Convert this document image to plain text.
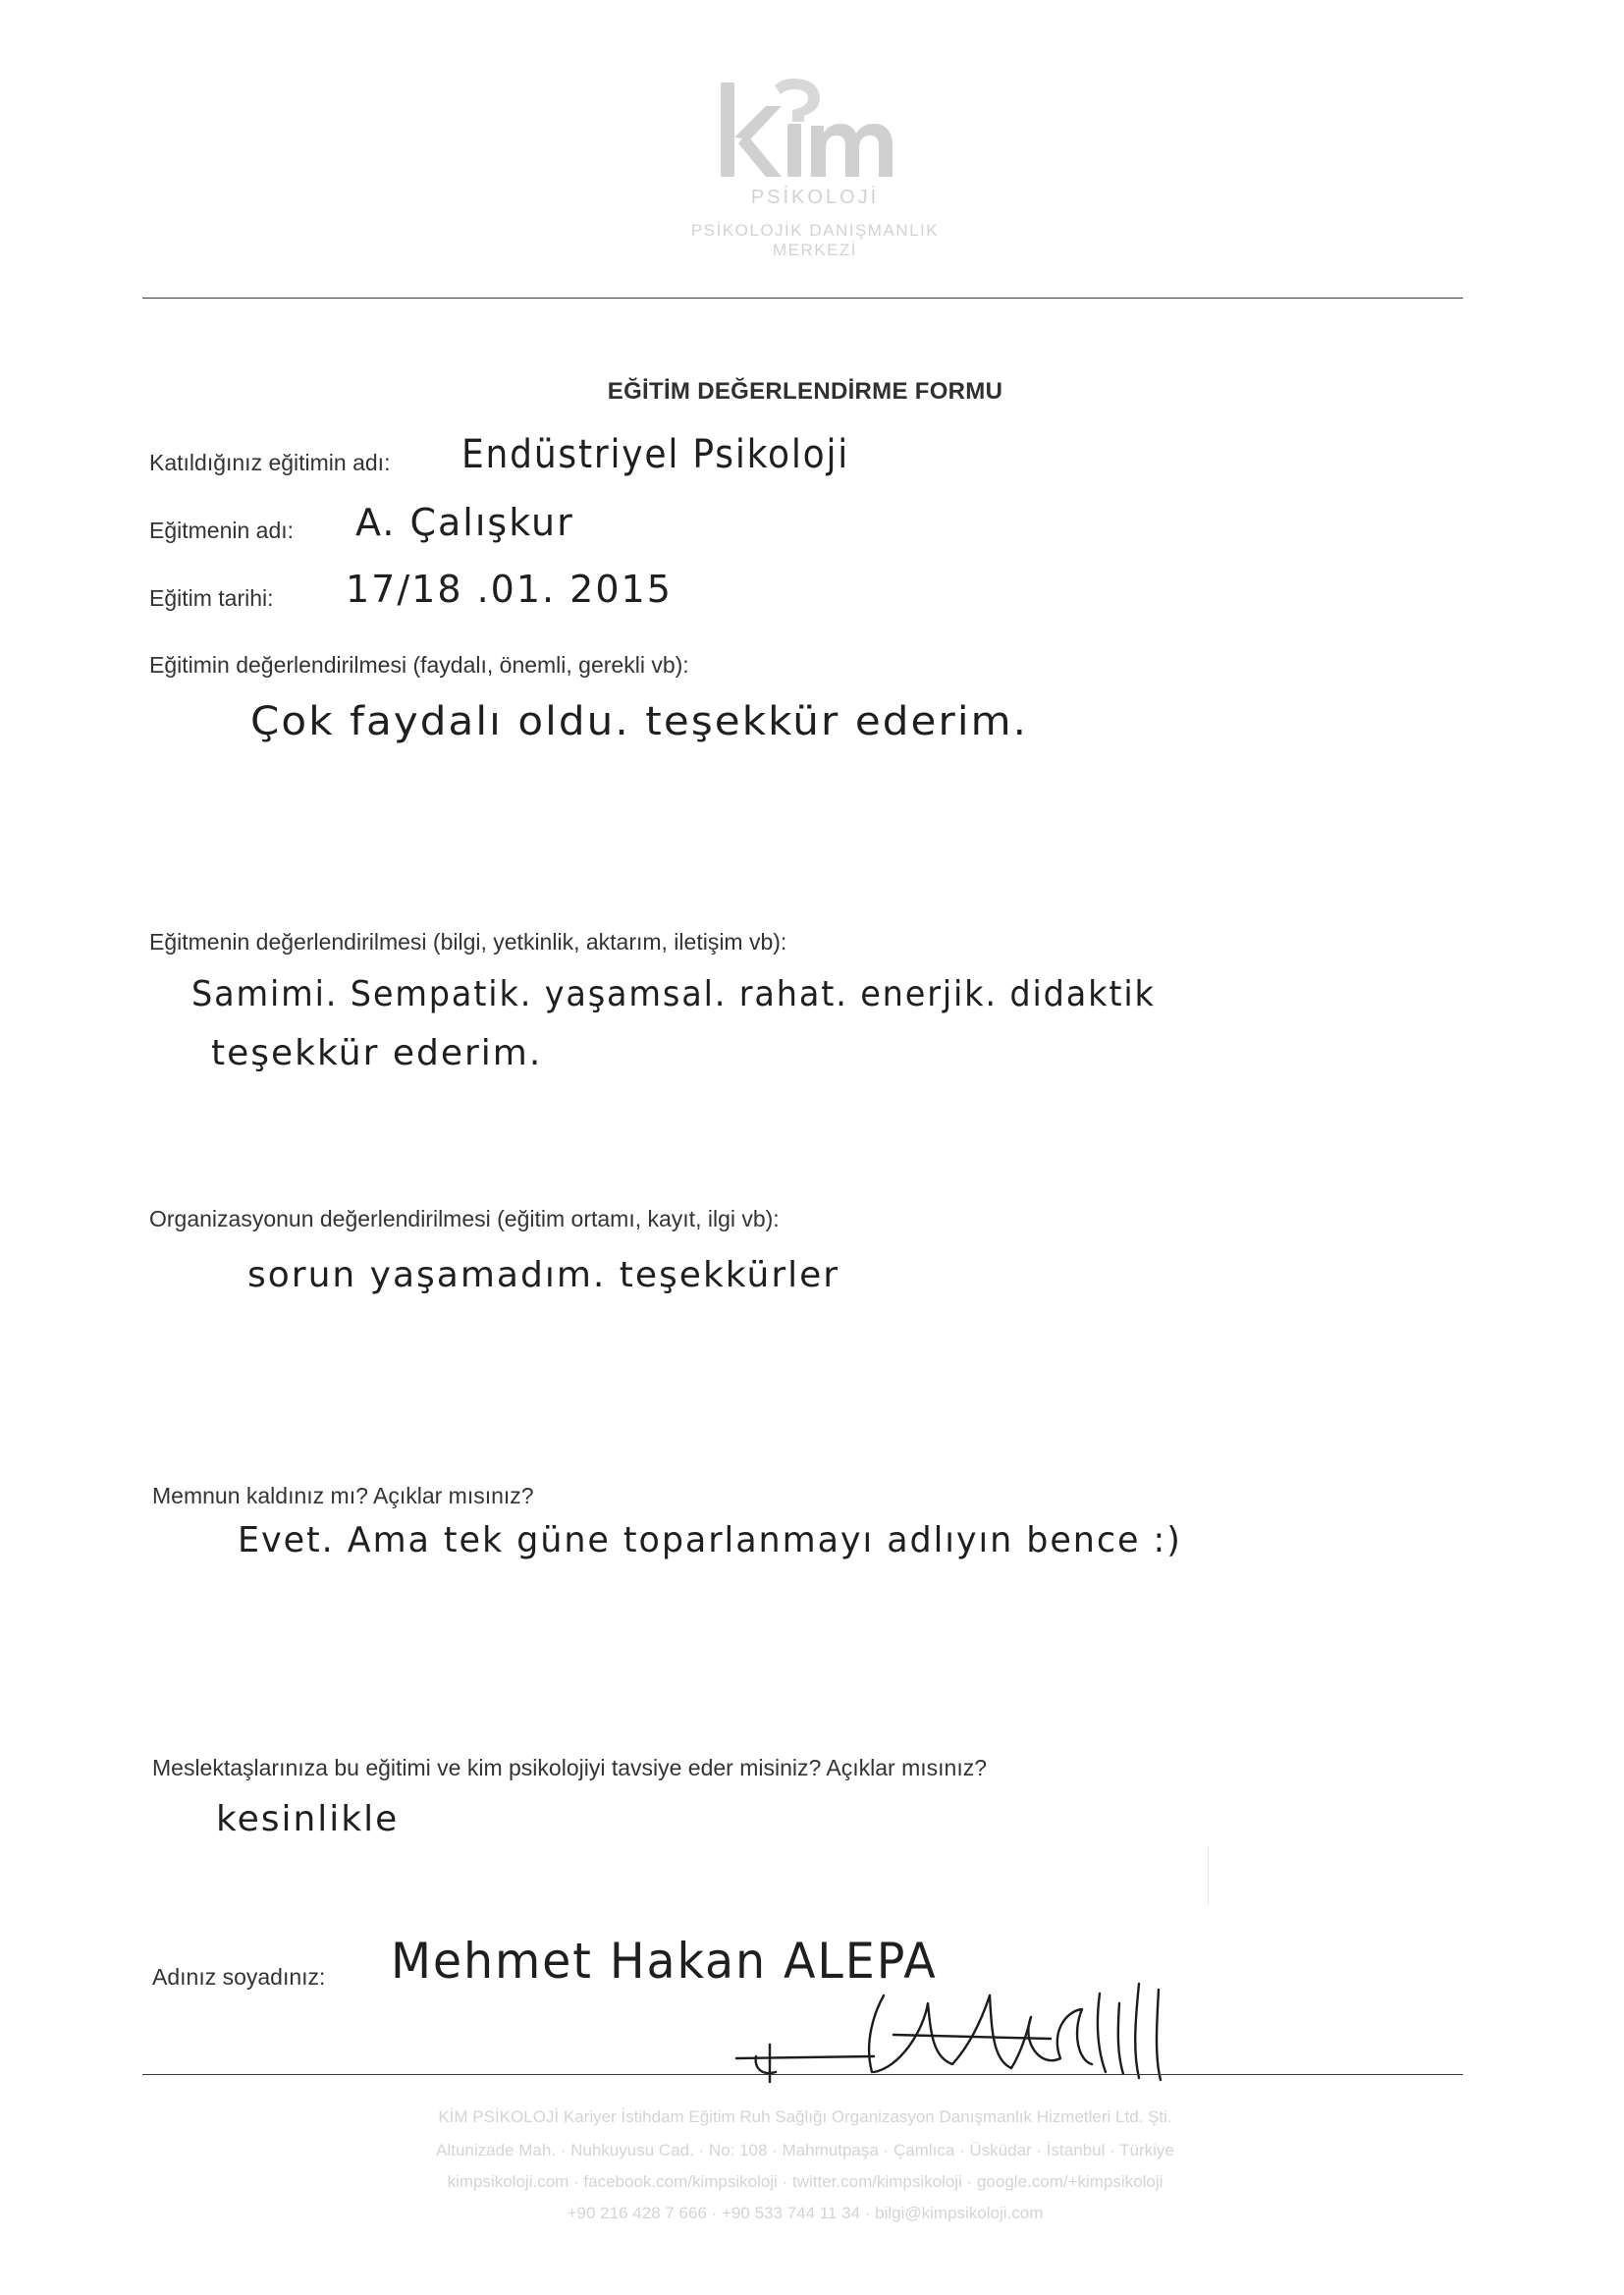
PSİKOLOJİ
PSİKOLOJİK DANIŞMANLIK MERKEZİ
EĞİTİM DEĞERLENDİRME FORMU
Katıldığınız eğitimin adı: Endüstriyel Psikoloji
Eğitmenin adı: A. Çalışkur
Eğitim tarihi: 17/18 .01. 2015
Eğitimin değerlendirilmesi (faydalı, önemli, gerekli vb):
Çok faydalı oldu. teşekkür ederim.
Eğitmenin değerlendirilmesi (bilgi, yetkinlik, aktarım, iletişim vb):
Samimi. Sempatik. yaşamsal. rahat. enerjik. didaktik
teşekkür ederim.
Organizasyonun değerlendirilmesi (eğitim ortamı, kayıt, ilgi vb):
sorun yaşamadım. teşekkürler
Memnun kaldınız mı? Açıklar mısınız?
Evet. Ama tek güne toparlanmayı adlıyın bence :)
Meslektaşlarınıza bu eğitimi ve kim psikolojiyi tavsiye eder misiniz? Açıklar mısınız?
kesinlikle
Adınız soyadınız: Mehmet Hakan ALEPA
KİM PSİKOLOJİ Kariyer İstihdam Eğitim Ruh Sağlığı Organizasyon Danışmanlık Hizmetleri Ltd. Şti.
Altunizade Mah. · Nuhkuyusu Cad. · No: 108 · Mahmutpaşa · Çamlıca · Üsküdar · İstanbul · Türkiye
kimpsikoloji.com · facebook.com/kimpsikoloji · twitter.com/kimpsikoloji · google.com/+kimpsikoloji
+90 216 428 7 666 · +90 533 744 11 34 · bilgi@kimpsikoloji.com
